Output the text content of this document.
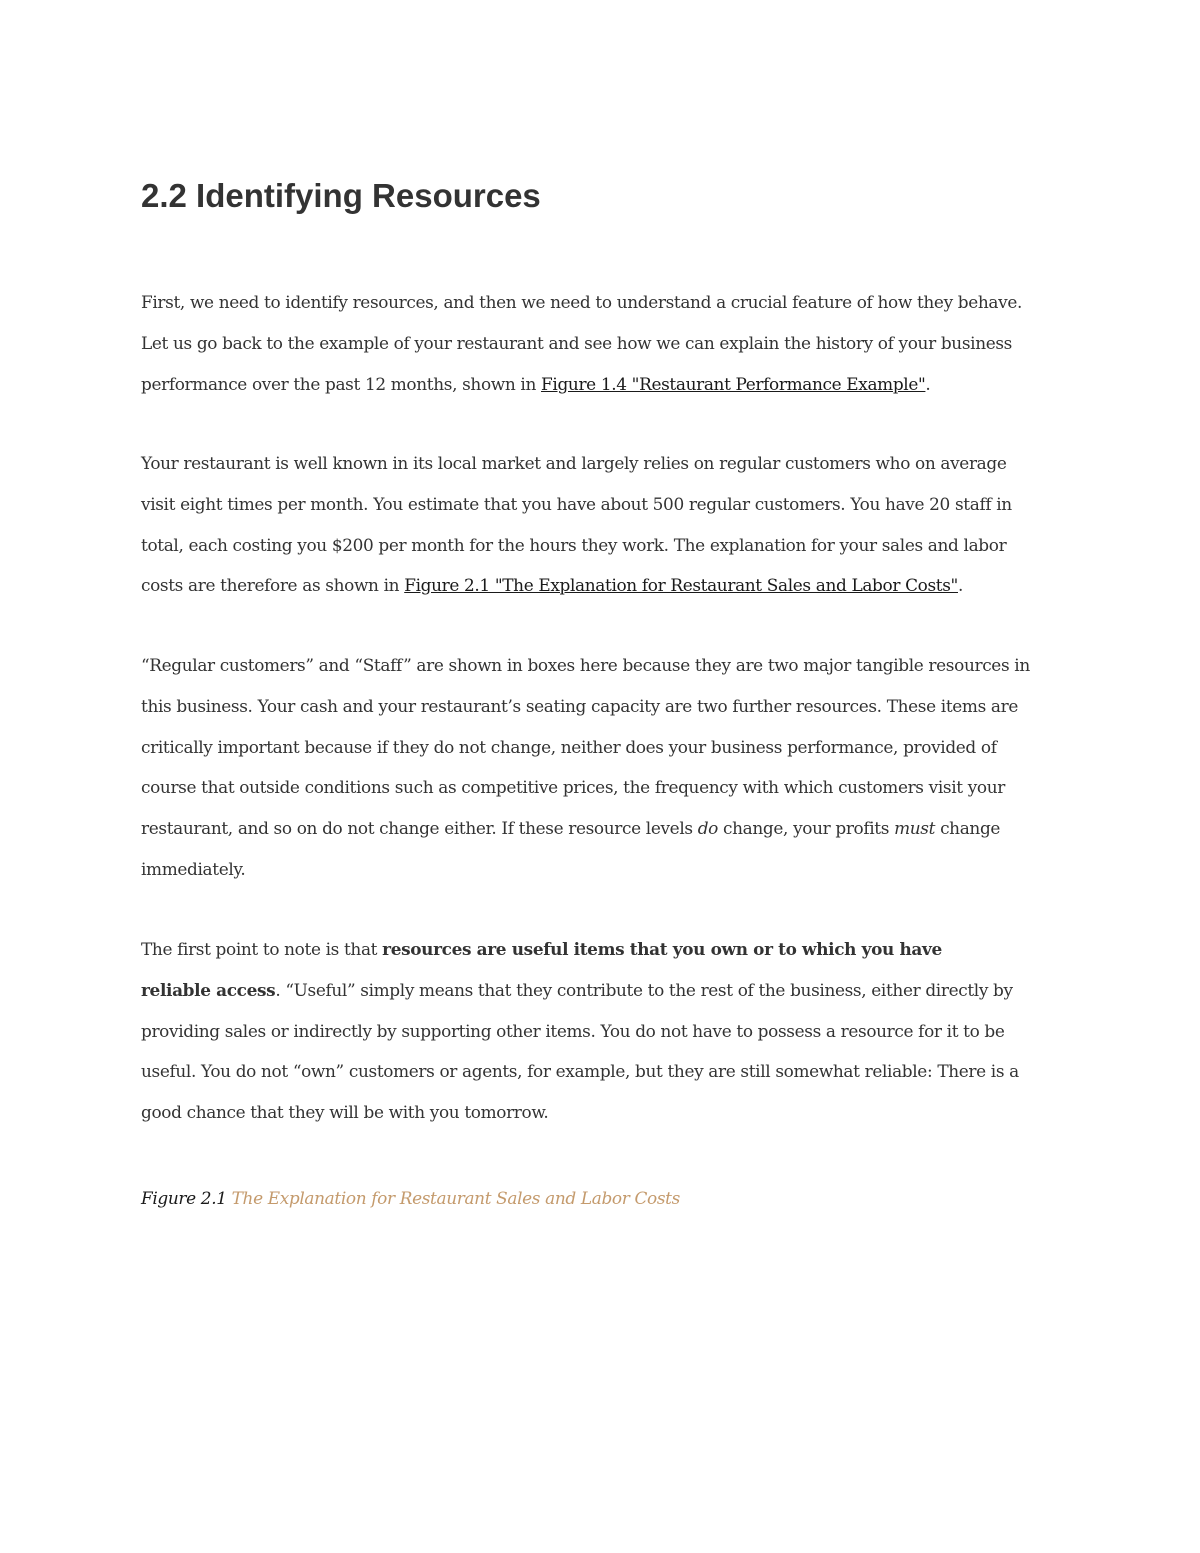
2.2 Identifying Resources

First, we need to identify resources, and then we need to understand a crucial feature of how they behave.
Let us go back to the example of your restaurant and see how we can explain the history of your business
performance over the past 12 months, shown in Figure 1.4 "Restaurant Performance Example".

Your restaurant is well known in its local market and largely relies on regular customers who on average
visit eight times per month. You estimate that you have about 500 regular customers. You have 20 staff in
total, each costing you $200 per month for the hours they work. The explanation for your sales and labor
costs are therefore as shown in Figure 2.1 "The Explanation for Restaurant Sales and Labor Costs".

“Regular customers” and “Staff” are shown in boxes here because they are two major tangible resources in
this business. Your cash and your restaurant’s seating capacity are two further resources. These items are
critically important because if they do not change, neither does your business performance, provided of
course that outside conditions such as competitive prices, the frequency with which customers visit your
restaurant, and so on do not change either. If these resource levels do change, your profits must change
immediately.

The first point to note is that resources are useful items that you own or to which you have
reliable access. “Useful” simply means that they contribute to the rest of the business, either directly by
providing sales or indirectly by supporting other items. You do not have to possess a resource for it to be
useful. You do not “own” customers or agents, for example, but they are still somewhat reliable: There is a
good chance that they will be with you tomorrow.

Figure 2.1 The Explanation for Restaurant Sales and Labor Costs
